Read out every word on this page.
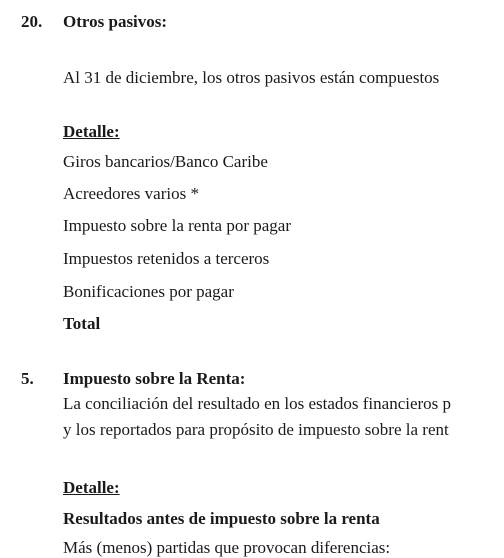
20. Otros pasivos:
Al 31 de diciembre, los otros pasivos están compuestos
Detalle:
Giros bancarios/Banco Caribe
Acreedores varios *
Impuesto sobre la renta por pagar
Impuestos retenidos a terceros
Bonificaciones por pagar
Total
5. Impuesto sobre la Renta:
La conciliación del resultado en los estados financieros p
y los reportados para propósito de impuesto sobre la rent
Detalle:
Resultados antes de impuesto sobre la renta
Más (menos) partidas que provocan diferencias:
